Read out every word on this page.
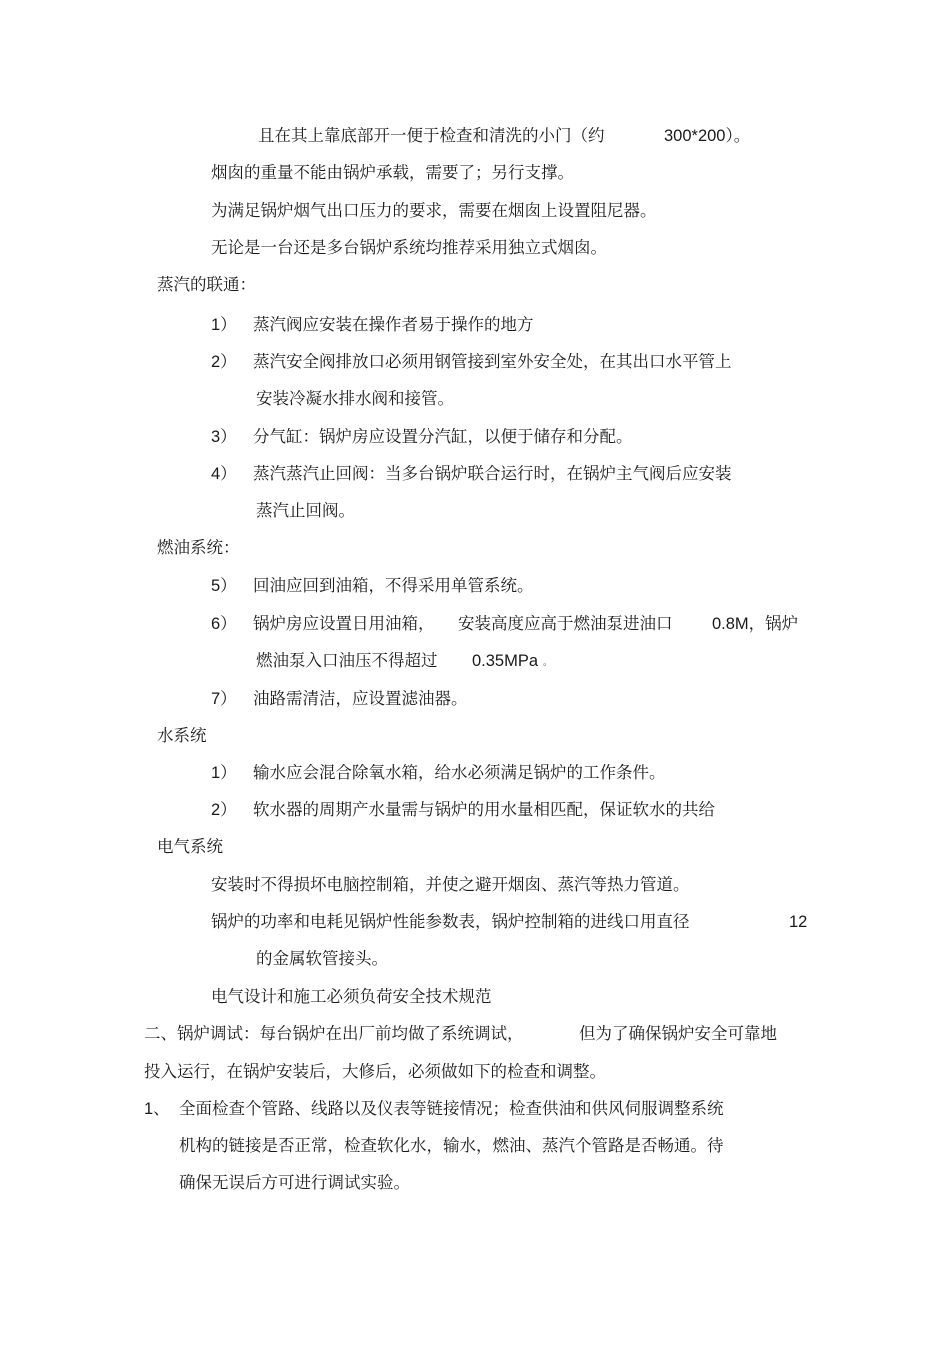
且在其上靠底部开一便于检查和清洗的小门（约	300*200）。
烟囱的重量不能由锅炉承载，需要了；另行支撑。
为满足锅炉烟气出口压力的要求，需要在烟囱上设置阻尼器。
无论是一台还是多台锅炉系统均推荐采用独立式烟囱。
蒸汽的联通：
1） 蒸汽阀应安装在操作者易于操作的地方
2） 蒸汽安全阀排放口必须用钢管接到室外安全处，在其出口水平管上
安装冷凝水排水阀和接管。
3） 分气缸：锅炉房应设置分汽缸，以便于储存和分配。
4） 蒸汽蒸汽止回阀：当多台锅炉联合运行时，在锅炉主气阀后应安装
蒸汽止回阀。
燃油系统：
5） 回油应回到油箱，不得采用单管系统。
6） 锅炉房应设置日用油箱， 安装高度应高于燃油泵进油口 0.8M，锅炉
燃油泵入口油压不得超过 0.35MPa 。
7） 油路需清洁，应设置滤油器。
水系统
1） 输水应会混合除氧水箱，给水必须满足锅炉的工作条件。
2） 软水器的周期产水量需与锅炉的用水量相匹配，保证软水的共给
电气系统
安装时不得损坏电脑控制箱，并使之避开烟囱、蒸汽等热力管道。
锅炉的功率和电耗见锅炉性能参数表，锅炉控制箱的进线口用直径	12
的金属软管接头。
电气设计和施工必须负荷安全技术规范
二、锅炉调试：每台锅炉在出厂前均做了系统调试，	但为了确保锅炉安全可靠地
投入运行，在锅炉安装后，大修后，必须做如下的检查和调整。
1、 全面检查个管路、线路以及仪表等链接情况；检查供油和供风伺服调整系统
机构的链接是否正常，检查软化水，输水，燃油、蒸汽个管路是否畅通。待
确保无误后方可进行调试实验。
